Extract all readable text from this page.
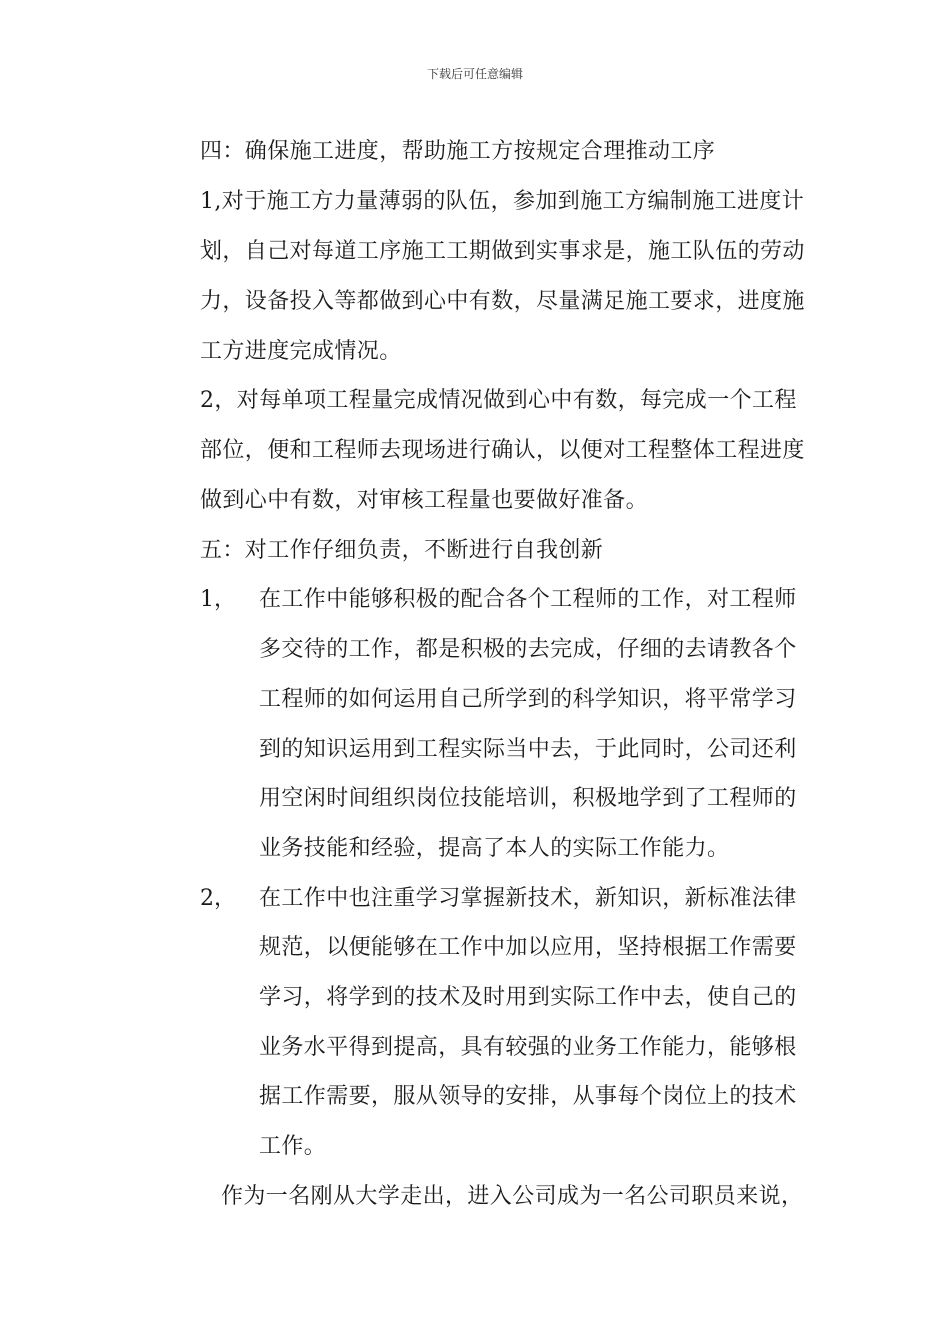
下载后可任意编辑
四：确保施工进度，帮助施工方按规定合理推动工序
1,对于施工方力量薄弱的队伍，参加到施工方编制施工进度计
划，自己对每道工序施工工期做到实事求是，施工队伍的劳动
力，设备投入等都做到心中有数，尽量满足施工要求，进度施
工方进度完成情况。
2，对每单项工程量完成情况做到心中有数，每完成一个工程
部位，便和工程师去现场进行确认，以便对工程整体工程进度
做到心中有数，对审核工程量也要做好准备。
五：对工作仔细负责，不断进行自我创新
1， 在工作中能够积极的配合各个工程师的工作，对工程师
多交待的工作，都是积极的去完成，仔细的去请教各个
工程师的如何运用自己所学到的科学知识，将平常学习
到的知识运用到工程实际当中去，于此同时，公司还利
用空闲时间组织岗位技能培训，积极地学到了工程师的
业务技能和经验，提高了本人的实际工作能力。
2， 在工作中也注重学习掌握新技术，新知识，新标准法律
规范，以便能够在工作中加以应用，坚持根据工作需要
学习，将学到的技术及时用到实际工作中去，使自己的
业务水平得到提高，具有较强的业务工作能力，能够根
据工作需要，服从领导的安排，从事每个岗位上的技术
工作。
作为一名刚从大学走出，进入公司成为一名公司职员来说，
